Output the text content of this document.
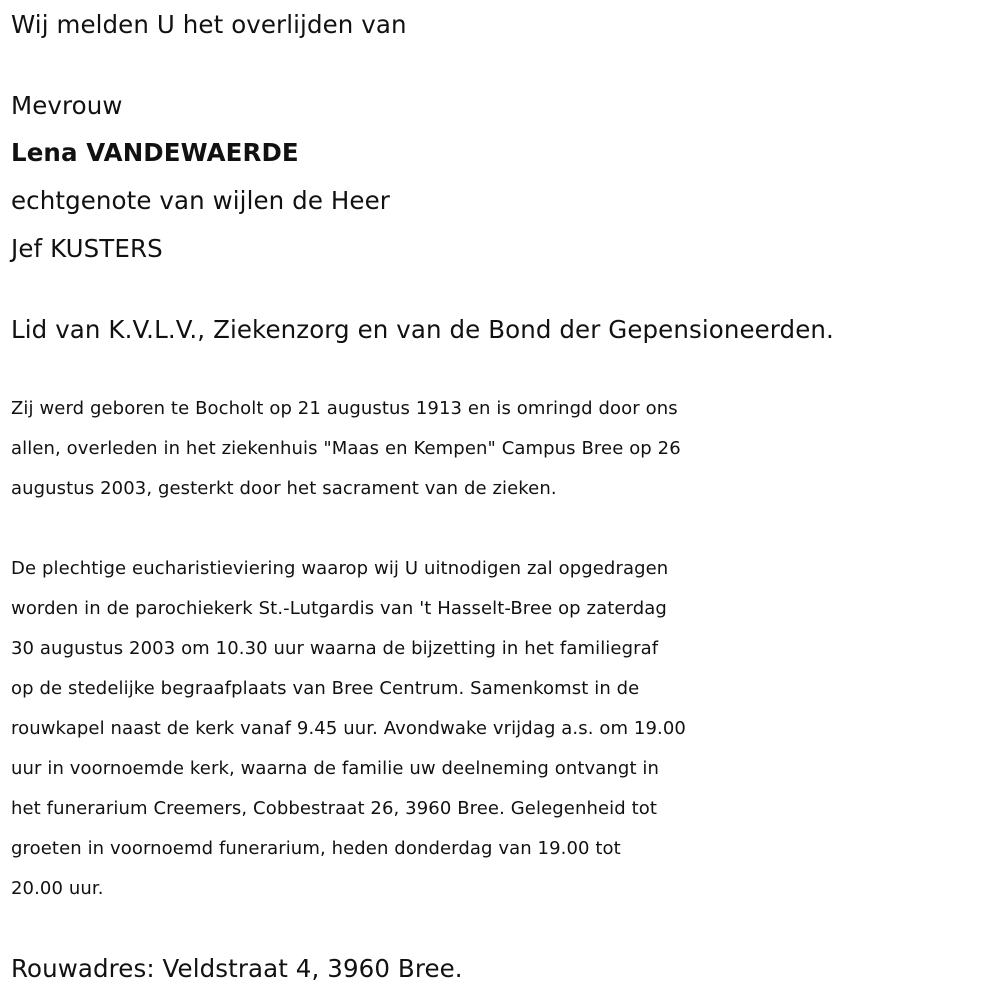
Wij melden U het overlijden van
Mevrouw
Lena VANDEWAERDE
echtgenote van wijlen de Heer
Jef KUSTERS
Lid van K.V.L.V., Ziekenzorg en van de Bond der Gepensioneerden.
Zij werd geboren te Bocholt op 21 augustus 1913 en is omringd door ons
allen, overleden in het ziekenhuis "Maas en Kempen" Campus Bree op 26
augustus 2003, gesterkt door het sacrament van de zieken.
De plechtige eucharistieviering waarop wij U uitnodigen zal opgedragen
worden in de parochiekerk St.-Lutgardis van 't Hasselt-Bree op zaterdag
30 augustus 2003 om 10.30 uur waarna de bijzetting in het familiegraf
op de stedelijke begraafplaats van Bree Centrum. Samenkomst in de
rouwkapel naast de kerk vanaf 9.45 uur. Avondwake vrijdag a.s. om 19.00
uur in voornoemde kerk, waarna de familie uw deelneming ontvangt in
het funerarium Creemers, Cobbestraat 26, 3960 Bree. Gelegenheid tot
groeten in voornoemd funerarium, heden donderdag van 19.00 tot
20.00 uur.
Rouwadres: Veldstraat 4, 3960 Bree.
